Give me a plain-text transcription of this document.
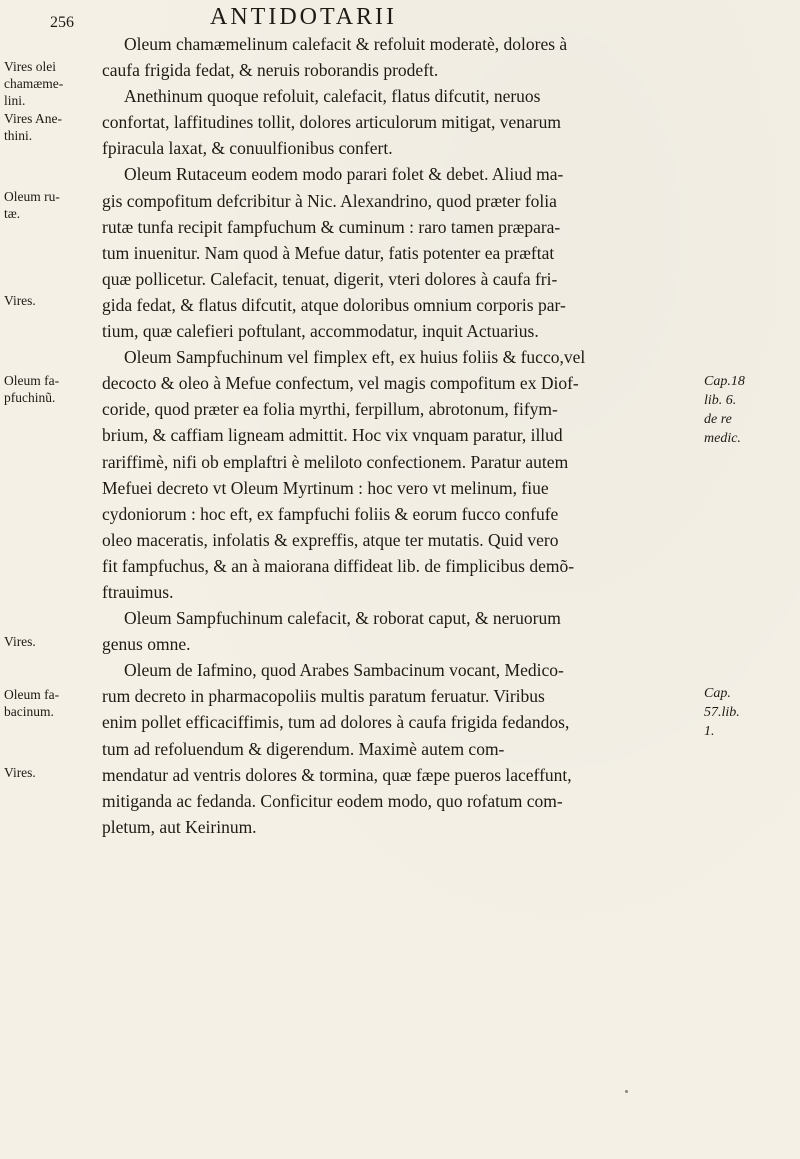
256	ANTIDOTARII
Oleum chamæmelinum calefacit & refoluit moderatè, dolores à
caufa frigida fedat, & neruis roborandis prodeft.
Anethinum quoque refoluit, calefacit, flatus difcutit, neruos
confortat, laffitudines tollit, dolores articulorum mitigat, venarum
fpiracula laxat, & conuulfionibus confert.
Oleum Rutaceum eodem modo parari folet & debet. Aliud ma-
gis compofitum defcribitur à Nic. Alexandrino, quod præter folia
rutæ tunfa recipit fampfuchum & cuminum : raro tamen præpara-
tum inuenitur. Nam quod à Mefue datur, fatis potenter ea præftat
quæ pollicetur. Calefacit, tenuat, digerit, vteri dolores à caufa fri-
gida fedat, & flatus difcutit, atque doloribus omnium corporis par-
tium, quæ calefieri poftulant, accommodatur, inquit Actuarius.
Oleum Sampfuchinum vel fimplex eft, ex huius foliis & fucco,vel
decocto & oleo à Mefue confectum, vel magis compofitum ex Diof-
coride, quod præter ea folia myrthi, ferpillum, abrotonum, fifym-
brium, & caffiam ligneam admittit. Hoc vix vnquam paratur, illud
rariffimè, nifi ob emplaftri è meliloto confectionem. Paratur autem
Mefuei decreto vt Oleum Myrtinum : hoc vero vt melinum, fiue
cydoniorum : hoc eft, ex fampfuchi foliis & eorum fucco confufe
oleo maceratis, infolatis & expreffis, atque ter mutatis. Quid vero
fit fampfuchus, & an à maiorana diffideat lib. de fimplicibus demõ-
ftrauimus.
Oleum Sampfuchinum calefacit, & roborat caput, & neruorum
genus omne.
Oleum de Iafmino, quod Arabes Sambacinum vocant, Medico-
rum decreto in pharmacopoliis multis paratum feruatur. Viribus
enim pollet efficaciffimis, tum ad dolores à caufa frigida fedandos,
tum ad refoluendum & digerendum. Maximè autem com-
mendatur ad ventris dolores & tormina, quæ fæpe pueros laceffunt,
mitiganda ac fedanda. Conficitur eodem modo, quo rofatum com-
pletum, aut Keirinum.
Vires olei
chamæme-
lini.
Vires Ane-
thini.
Oleum ru-
tæ.
Vires.
Oleum fa-
pfuchinũ.
Vires.
Oleum fa-
bacinum.
Vires.
Cap.18
lib. 6.
de re
medic.
Cap.
57.lib.
1.
